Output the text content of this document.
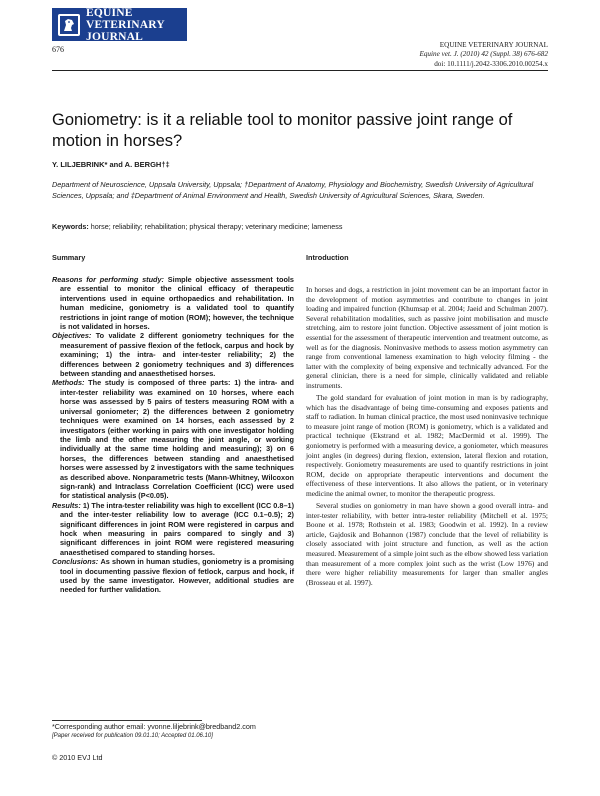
EQUINE VETERINARY
JOURNAL
676	EQUINE VETERINARY JOURNAL
Equine vet. J. (2010) 42 (Suppl. 38) 676-682
doi: 10.1111/j.2042-3306.2010.00254.x
Goniometry: is it a reliable tool to monitor passive joint range of motion in horses?
Y. LILJEBRINK* and A. BERGH†‡
Department of Neuroscience, Uppsala University, Uppsala; †Department of Anatomy, Physiology and Biochemistry, Swedish University of Agricultural Sciences, Uppsala; and ‡Department of Animal Environment and Health, Swedish University of Agricultural Sciences, Skara, Sweden.
Keywords: horse; reliability; rehabilitation; physical therapy; veterinary medicine; lameness
Summary	Introduction

Reasons for performing study: Simple objective assessment tools are essential to monitor the clinical efficacy of therapeutic interventions used in equine orthopaedics and rehabilitation. In human medicine, goniometry is a validated tool to quantify restrictions in joint range of motion (ROM); however, the technique is not validated in horses.

Objectives: To validate 2 different goniometry techniques for the measurement of passive flexion of the fetlock, carpus and hock by examining; 1) the intra- and inter-tester reliability; 2) the differences between 2 goniometry techniques and 3) differences between standing and anaesthetised horses.

Methods: The study is composed of three parts: 1) the intra- and inter-tester reliability was examined on 10 horses, where each horse was assessed by 5 pairs of testers measuring ROM with a universal goniometer; 2) the differences between 2 goniometry techniques were examined on 14 horses, each assessed by 2 investigators (either working in pairs with one investigator holding the limb and the other measuring the joint angle, or working individually at the same time holding and measuring); 3) on 6 horses, the differences between standing and anaesthetised horses were assessed by 2 investigators with the same techniques as described above. Nonparametric tests (Mann-Whitney, Wilcoxon sign-rank) and Intraclass Correlation Coefficient (ICC) were used for statistical analysis (P<0.05).

Results: 1) The intra-tester reliability was high to excellent (ICC 0.8–1) and the inter-tester reliability low to average (ICC 0.1–0.5); 2) significant differences in joint ROM were registered in carpus and hock when measuring in pairs compared to singly and 3) significant differences in joint ROM were registered measuring anaesthetised compared to standing horses.

Conclusions: As shown in human studies, goniometry is a promising tool in documenting passive flexion of fetlock, carpus and hock, if used by the same investigator. However, additional studies are needed for further validation.

In horses and dogs, a restriction in joint movement can be an important factor in the development of motion asymmetries and contribute to changes in joint loading and impaired function (Khumsap et al. 2004; Jaeid and Schulman 2007). Several rehabilitation modalities, such as passive joint mobilisation and muscle stretching, aim to restore joint function. Objective assessment of joint motion is essential for the assessment of therapeutic intervention and treatment outcome, as well as for the diagnosis. Noninvasive methods to assess motion asymmetry can range from conventional lameness examination to high velocity filming - the latter with the complexity of being expensive and technically advanced. For the general clinician, there is a need for simple, clinically validated and reliable instruments.

The gold standard for evaluation of joint motion in man is by radiography, which has the disadvantage of being time-consuming and exposes patients and staff to radiation. In human clinical practice, the most used noninvasive technique to measure joint range of motion (ROM) is goniometry, which is a validated and practical technique (Ekstrand et al. 1982; MacDermid et al. 1999). The goniometry is performed with a measuring device, a goniometer, which measures joint angles (in degrees) during flexion, extension, lateral flexion and rotation, respectively. Goniometry measurements are used to quantify restrictions in joint ROM, decide on appropriate therapeutic interventions and document the effectiveness of these interventions. It also allows the patient, or in veterinary medicine the animal owner, to monitor the therapeutic progress.

Several studies on goniometry in man have shown a good overall intra- and inter-tester reliability, with better intra-tester reliability (Mitchell et al. 1975; Boone et al. 1978; Rothstein et al. 1983; Goodwin et al. 1992). In a review article, Gajdosik and Bohannon (1987) conclude that the level of reliability is closely associated with joint structure and function, as well as the action measured. Measurement of a simple joint such as the elbow showed less variation than measurement of a more complex joint such as the wrist (Low 1976) and there were higher reliability measurements for larger than smaller angles (Brosseau et al. 1997).

*Corresponding author email: yvonne.liljebrink@bredband2.com
[Paper received for publication 09.01.10; Accepted 01.06.10]
© 2010 EVJ Ltd
